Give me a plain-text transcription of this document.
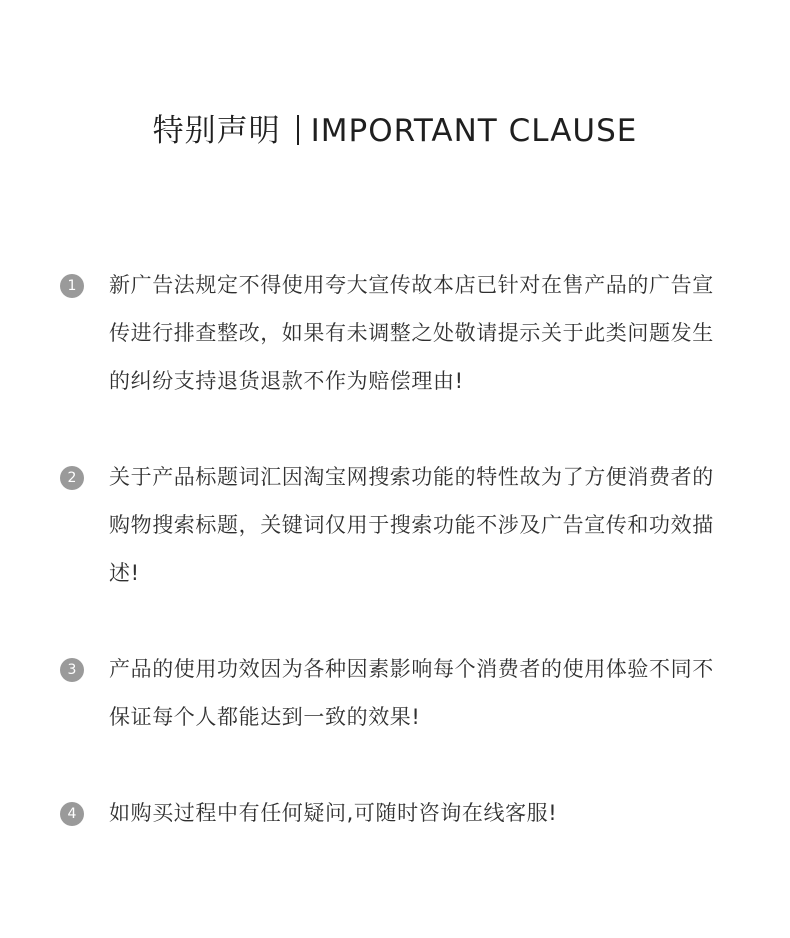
特别声明 IMPORTANT CLAUSE
1	新广告法规定不得使用夸大宣传故本店已针对在售产品的广告宣传进行排查整改，如果有未调整之处敬请提示关于此类问题发生的纠纷支持退货退款不作为赔偿理由!
2	关于产品标题词汇因淘宝网搜索功能的特性故为了方便消费者的购物搜索标题，关键词仅用于搜索功能不涉及广告宣传和功效描述!
3	产品的使用功效因为各种因素影响每个消费者的使用体验不同不保证每个人都能达到一致的效果!
4	如购买过程中有任何疑问,可随时咨询在线客服!
